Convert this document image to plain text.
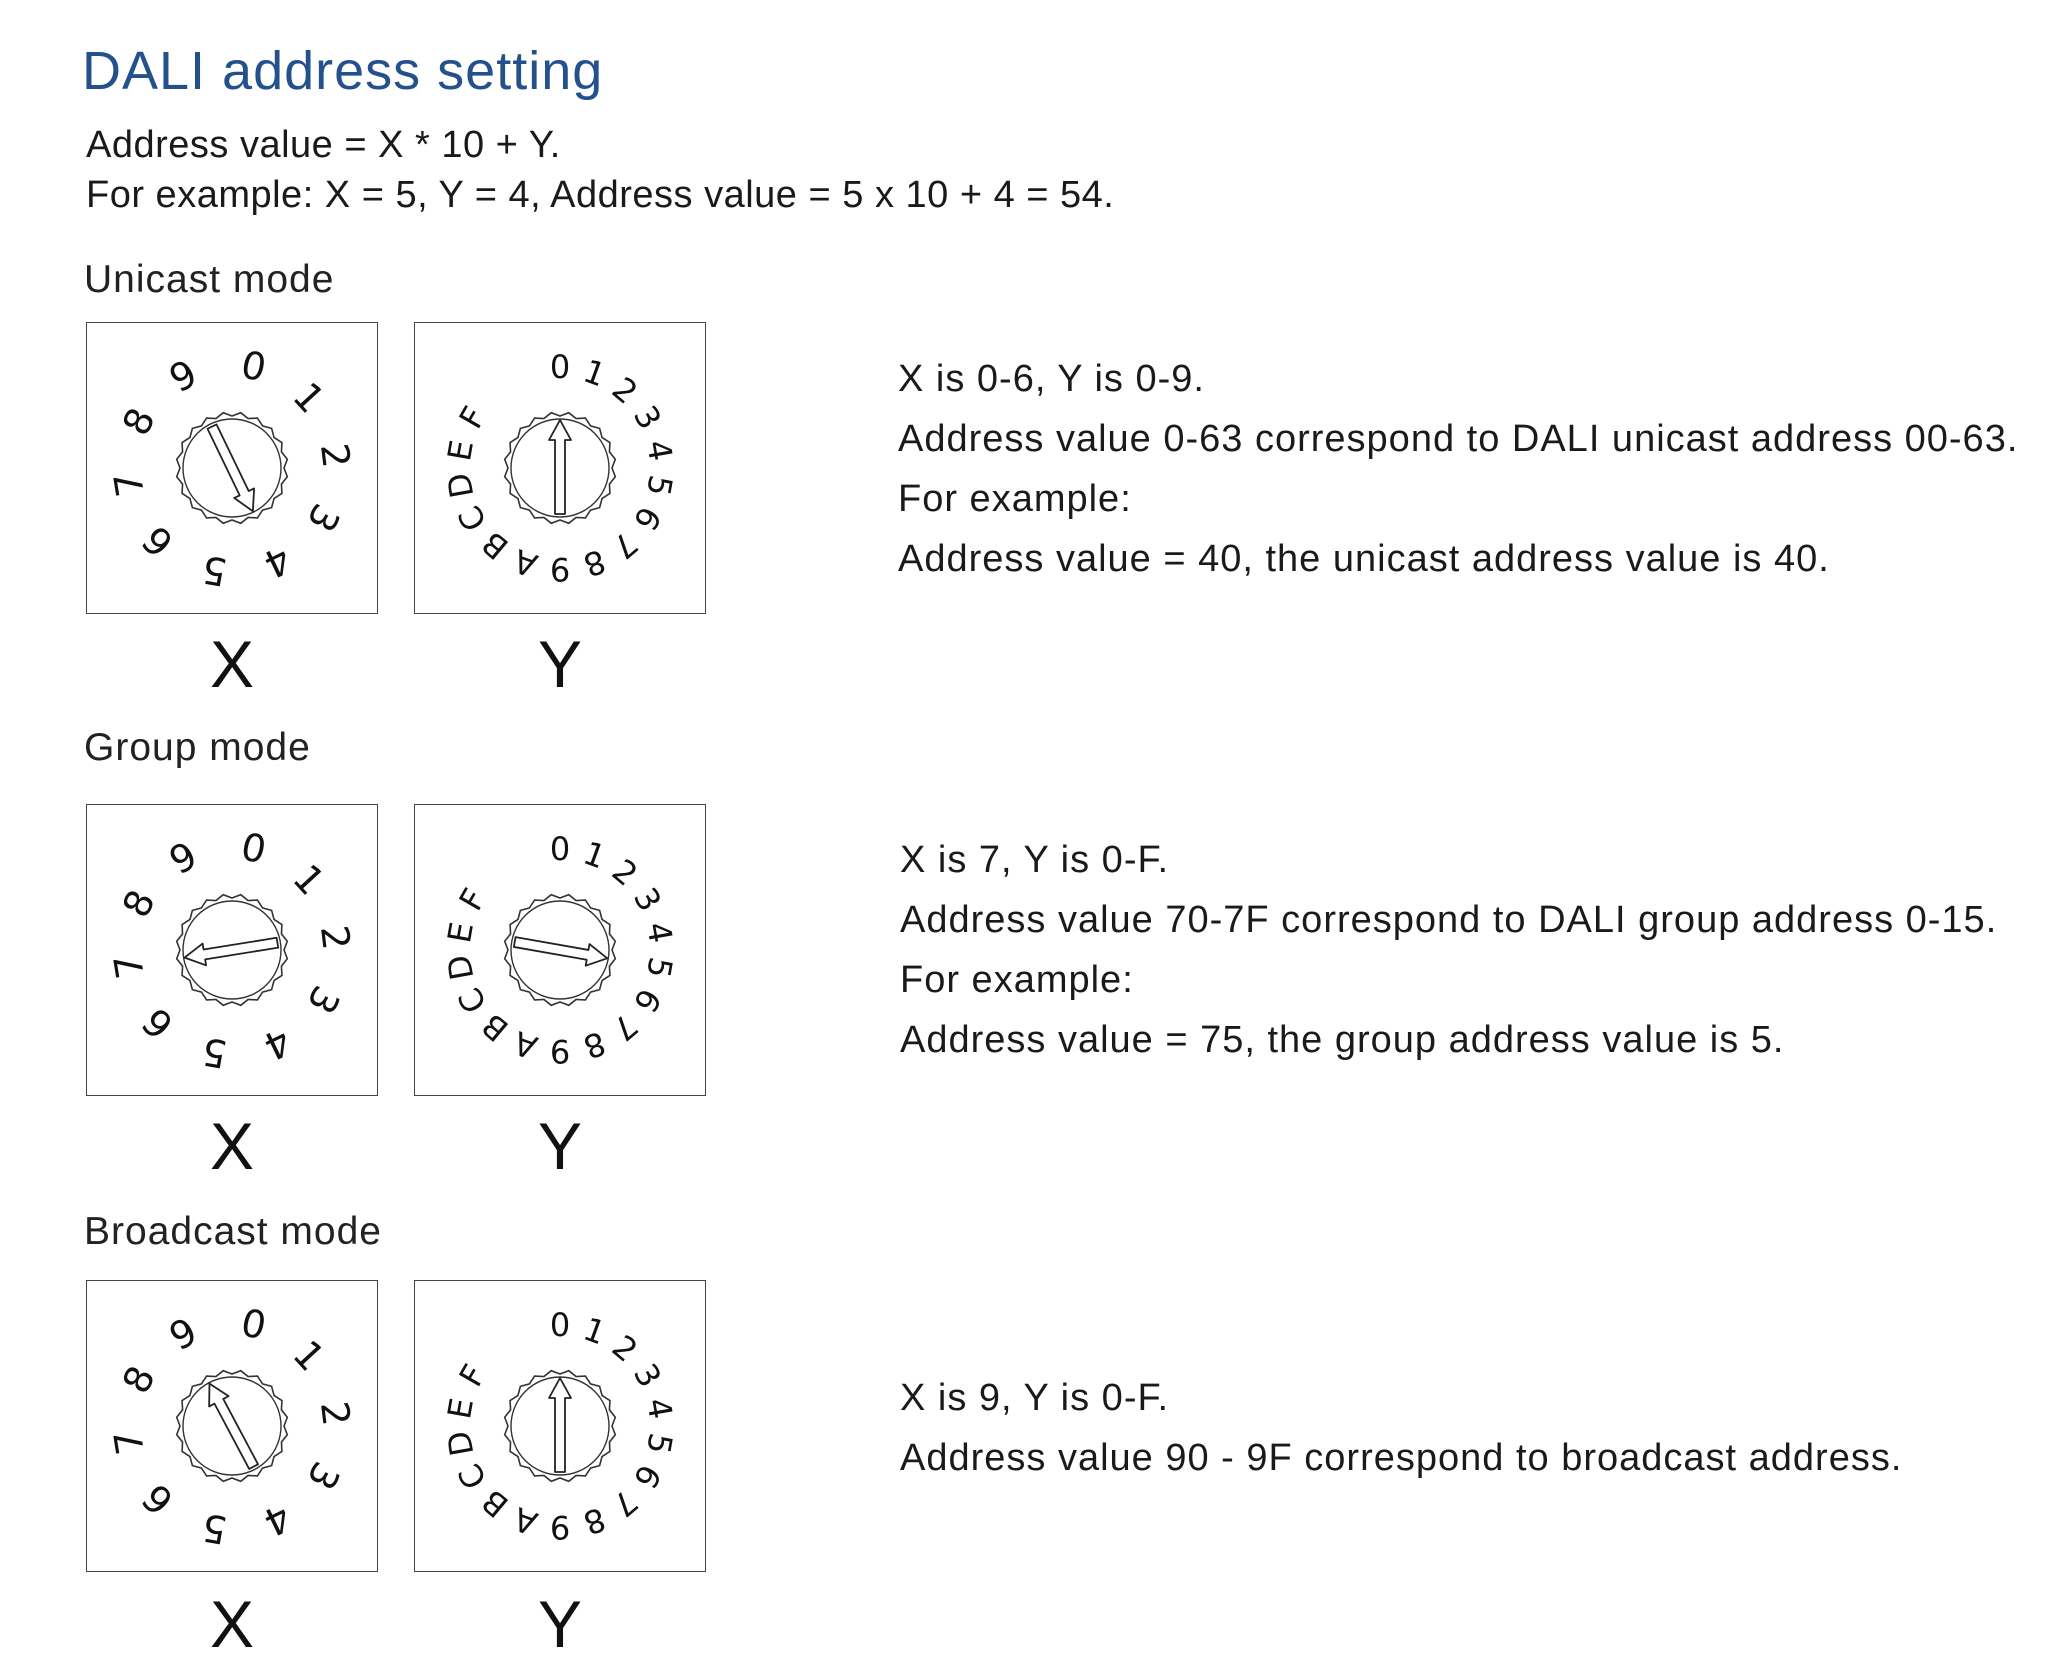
DALI address setting
Address value = X * 10 + Y.
For example: X = 5, Y = 4, Address value = 5 x 10 + 4 = 54.
Unicast mode
0
1
2
3
4
5
6
7
8
9	0 1
2
3
4
5
6
7
8
9
A
B
C
D
E
F
X	Y
X is 0-6, Y is 0-9.
Address value 0-63 correspond to DALI unicast address 00-63.
For example:
Address value = 40, the unicast address value is 40.
Group mode
0
1
2
3
4
5
6
7
8
9	0 1
2
3
4
5
6
7
8
9
A
B
C
D
E
F
X	Y
X is 7, Y is 0-F.
Address value 70-7F correspond to DALI group address 0-15.
For example:
Address value = 75, the group address value is 5.
Broadcast mode
0
1
2
3
4
5
6
7
8
9	0 1
2
3
4
5
6
7
8
9
A
B
C
D
E
F
X	Y
X is 9, Y is 0-F.
Address value 90 - 9F correspond to broadcast address.
